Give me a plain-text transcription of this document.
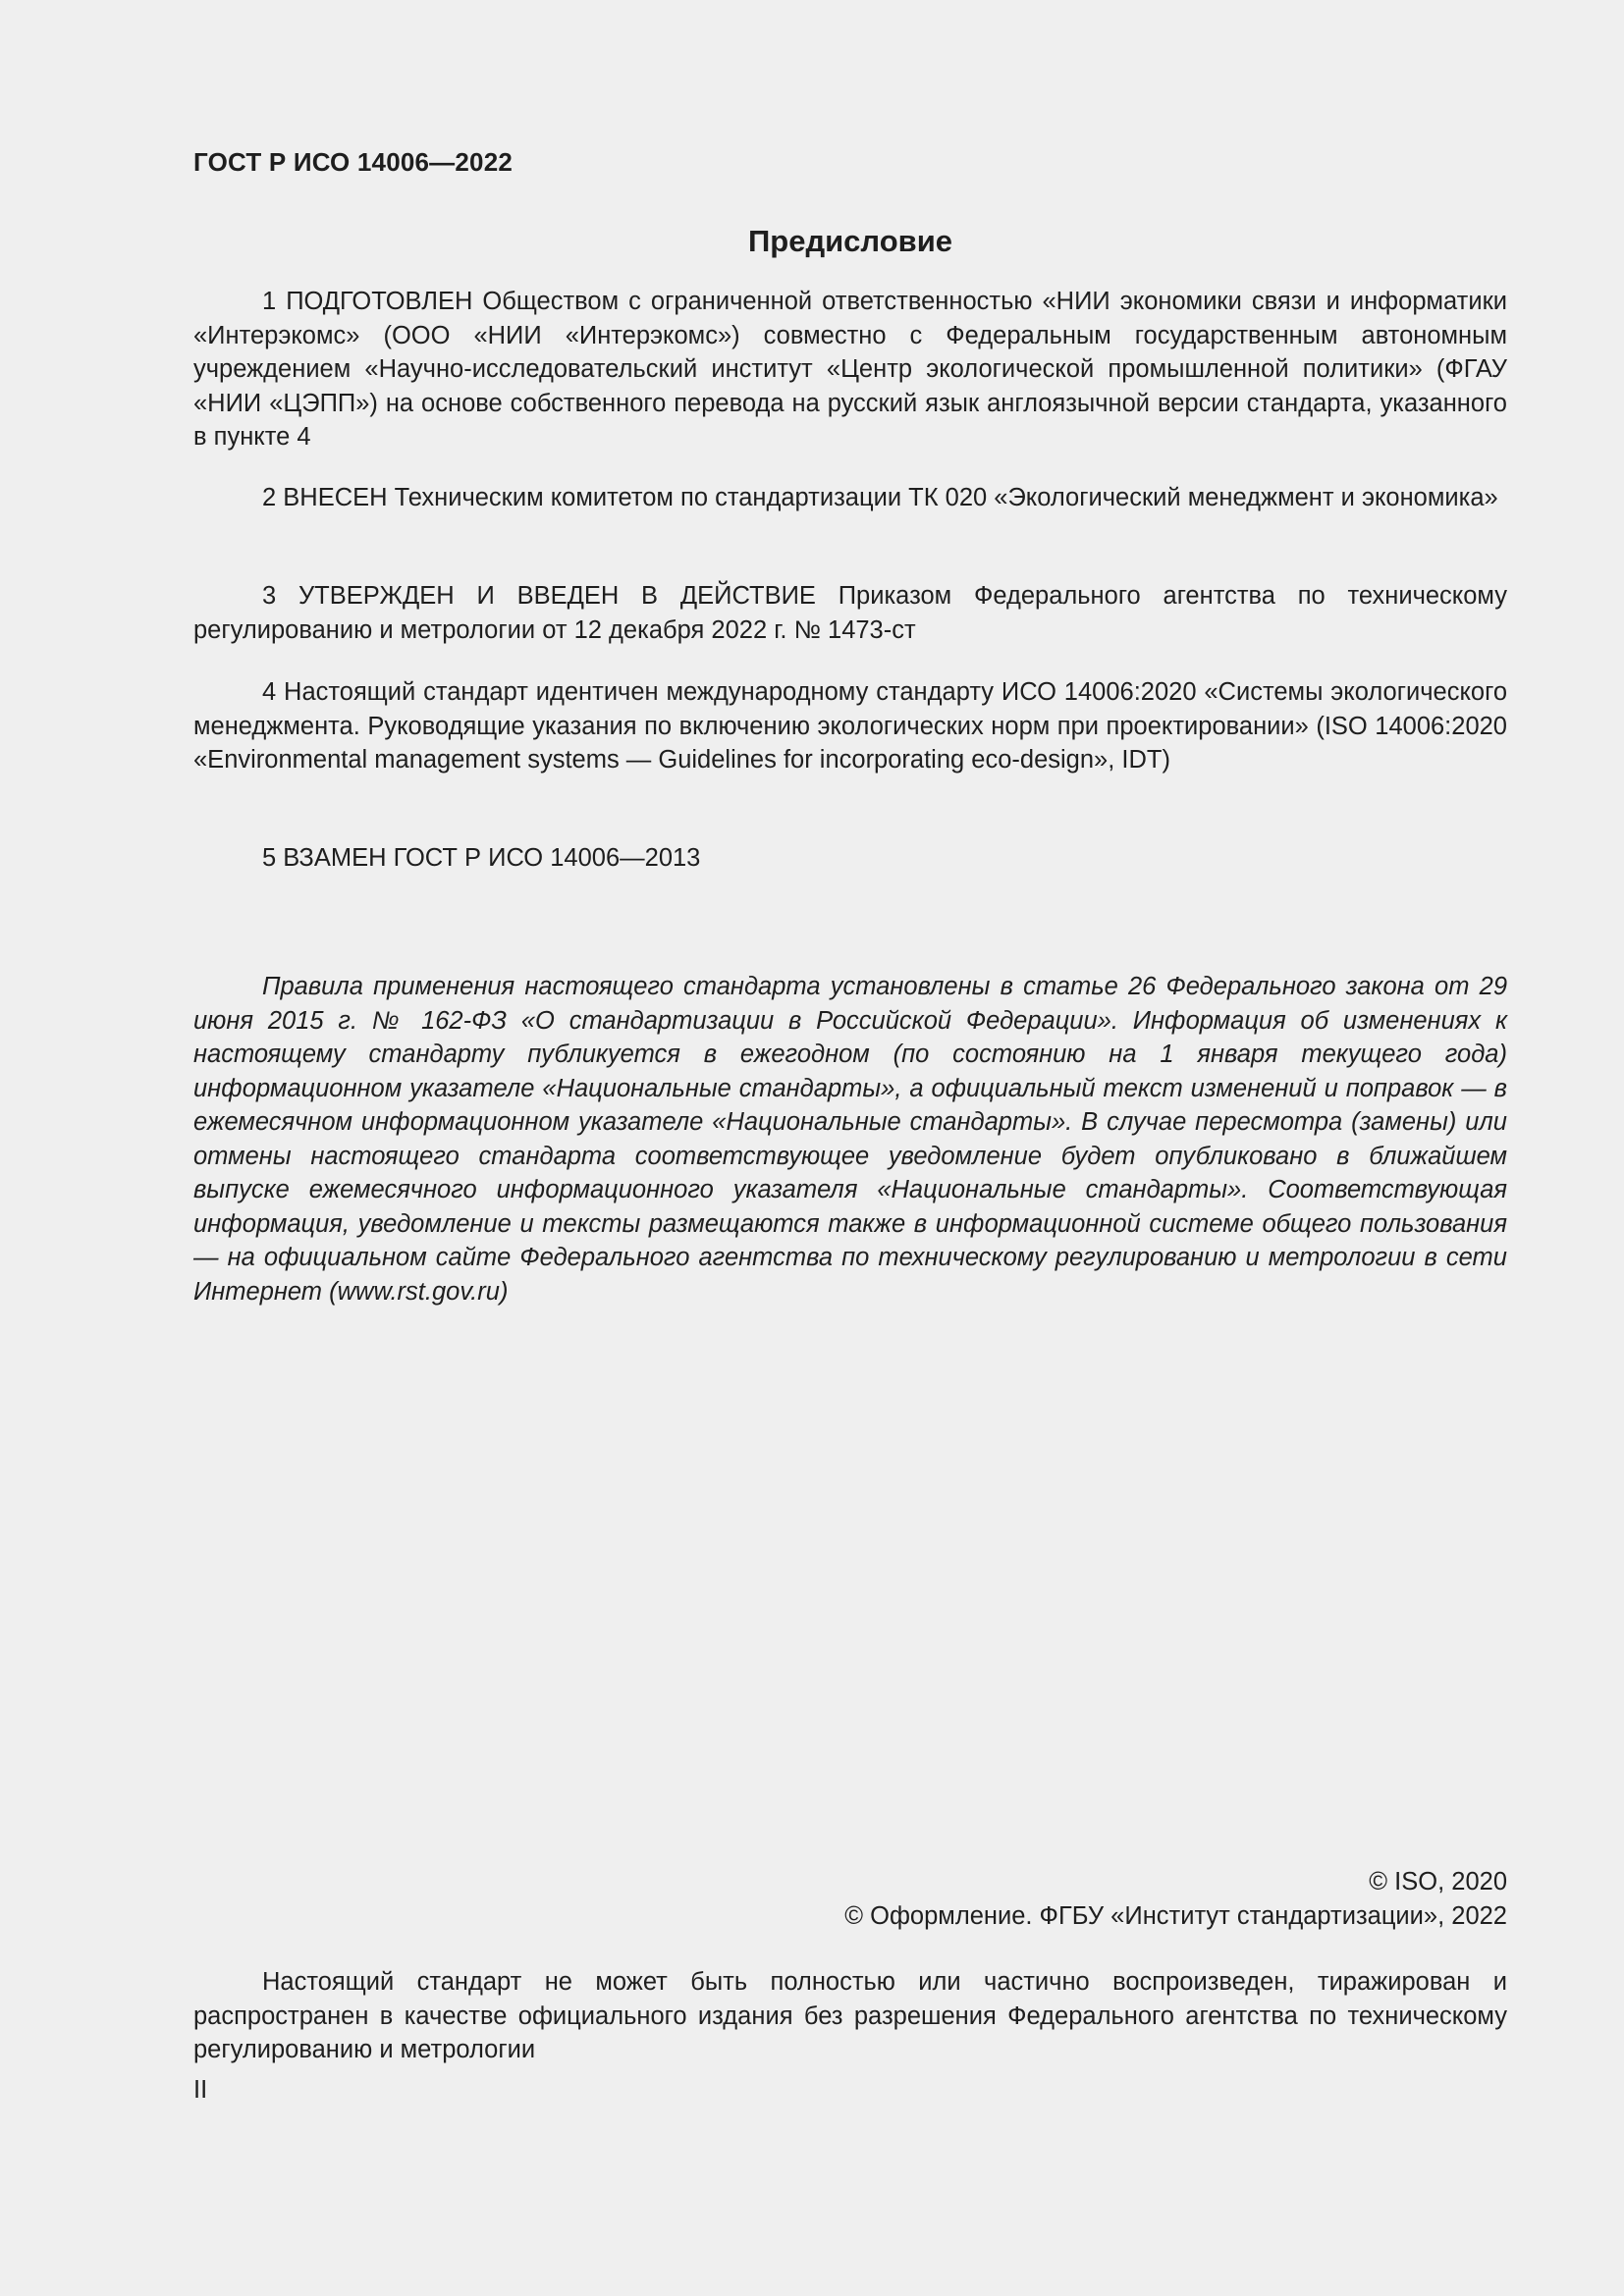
ГОСТ Р ИСО 14006—2022
Предисловие
1 ПОДГОТОВЛЕН Обществом с ограниченной ответственностью «НИИ экономики связи и информатики «Интерэкомс» (ООО «НИИ «Интерэкомс») совместно с Федеральным государственным автономным учреждением «Научно-исследовательский институт «Центр экологической промышленной политики» (ФГАУ «НИИ «ЦЭПП») на основе собственного перевода на русский язык англоязычной версии стандарта, указанного в пункте 4
2 ВНЕСЕН Техническим комитетом по стандартизации ТК 020 «Экологический менеджмент и экономика»
3 УТВЕРЖДЕН И ВВЕДЕН В ДЕЙСТВИЕ Приказом Федерального агентства по техническому регулированию и метрологии от 12 декабря 2022 г. № 1473-ст
4 Настоящий стандарт идентичен международному стандарту ИСО 14006:2020 «Системы экологического менеджмента. Руководящие указания по включению экологических норм при проектировании» (ISO 14006:2020 «Environmental management systems — Guidelines for incorporating eco-design», IDT)
5 ВЗАМЕН ГОСТ Р ИСО 14006—2013
Правила применения настоящего стандарта установлены в статье 26 Федерального закона от 29 июня 2015 г. № 162-ФЗ «О стандартизации в Российской Федерации». Информация об изменениях к настоящему стандарту публикуется в ежегодном (по состоянию на 1 января текущего года) информационном указателе «Национальные стандарты», а официальный текст изменений и поправок — в ежемесячном информационном указателе «Национальные стандарты». В случае пересмотра (замены) или отмены настоящего стандарта соответствующее уведомление будет опубликовано в ближайшем выпуске ежемесячного информационного указателя «Национальные стандарты». Соответствующая информация, уведомление и тексты размещаются также в информационной системе общего пользования — на официальном сайте Федерального агентства по техническому регулированию и метрологии в сети Интернет (www.rst.gov.ru)
© ISO, 2020
© Оформление. ФГБУ «Институт стандартизации», 2022
Настоящий стандарт не может быть полностью или частично воспроизведен, тиражирован и распространен в качестве официального издания без разрешения Федерального агентства по техническому регулированию и метрологии
II
